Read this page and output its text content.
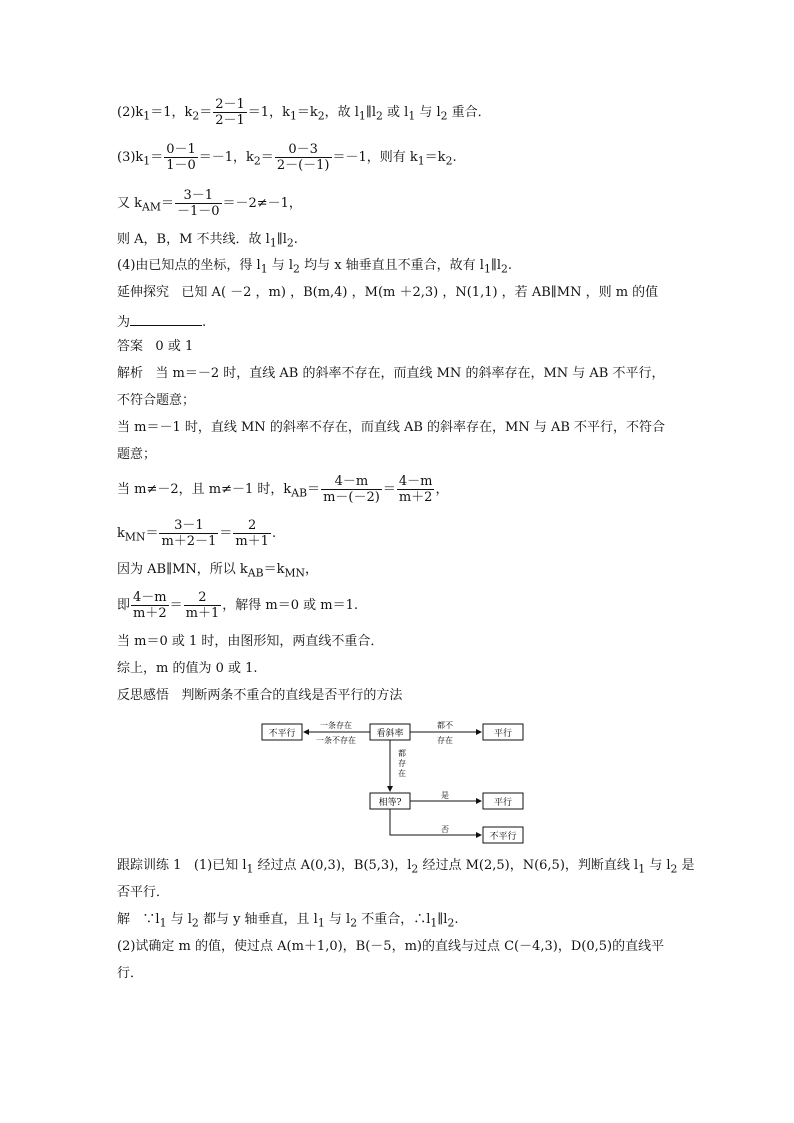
$(2)k_1=1$，$k_2= \frac{2-1}{2-1} =1$，$k_1=k_2$，故 $l_1\parallel l_2$ 或 $l_1$ 与 $l_2$ 重合．
$(3)k_1= \frac{0-1}{1-0} =-1$，$k_2= \frac{0-3}{2-(-1)} =-1$，则有 $k_1=k_2$.
又 $k_{AM}= \frac{3-1}{-1-0} =-2\ne-1$，
则 A，B，M 不共线．故 $l_1\parallel l_2$.
(4)由已知点的坐标，得 $l_1$ 与 $l_2$ 均与 x 轴垂直且不重合，故有 $l_1\parallel l_2$.
延伸探究 已知 A( －2 ，m) ，B(m,4) ，M(m ＋2,3) ，N(1,1) ，若 AB∥MN ，则 m 的值
为	.
答案 0 或 1
解析 当 m＝－2 时，直线 AB 的斜率不存在，而直线 MN 的斜率存在，MN 与 AB 不平行，
不符合题意；
当 m＝－1 时，直线 MN 的斜率不存在，而直线 AB 的斜率存在，MN 与 AB 不平行，不符合
题意；
当 m≠－2，且 m≠－1 时，$k_{AB}= \frac{4-m}{m-(-2)} = \frac{4-m}{m+2}$ ，
$k_{MN}= \frac{3-1}{m+2-1} = \frac{2}{m+1}$ .
因为 AB∥MN，所以 $k_{AB}=k_{MN}$，
即 $\frac{4-m}{m+2} = \frac{2}{m+1}$ ，解得 m＝0 或 m＝1.
当 m＝0 或 1 时，由图形知，两直线不重合．
综上，m 的值为 0 或 1.
反思感悟 判断两条不重合的直线是否平行的方法
不平行	看斜率	平行
相等?	平行
不平行
一条存在
一条不存在
都不
存在
都
存
在
是
否
跟踪训练 1 (1)已知 $l_1$ 经过点 A(0,3)，B(5,3)，$l_2$ 经过点 M(2,5)，N(6,5)，判断直线 $l_1$ 与 $l_2$ 是
否平行．
解 $\because l_1$ 与 $l_2$ 都与 y 轴垂直，且 $l_1$ 与 $l_2$ 不重合，$\therefore l_1\parallel l_2$.
(2)试确定 m 的值，使过点 A(m＋1,0)，B(－5，m)的直线与过点 C(－4,3)，D(0,5)的直线平
行．
